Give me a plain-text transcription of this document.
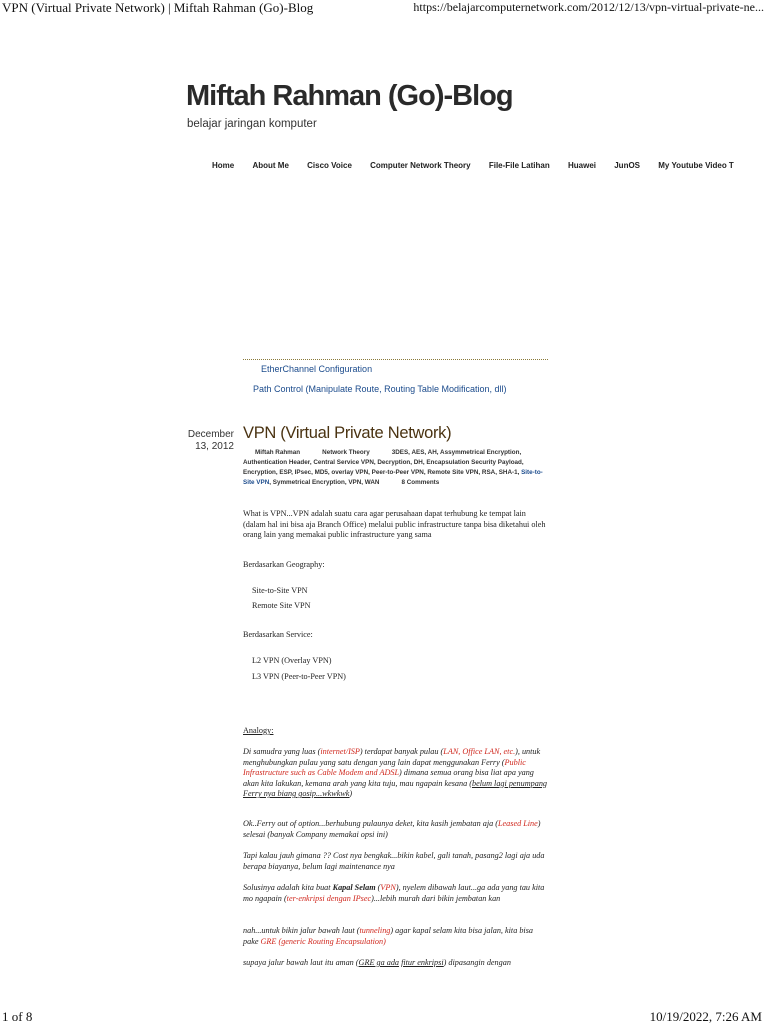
VPN (Virtual Private Network) | Miftah Rahman (Go)-Blog	https://belajarcomputernetwork.com/2012/12/13/vpn-virtual-private-ne...
Miftah Rahman (Go)-Blog
belajar jaringan komputer
Home About Me Cisco Voice Computer Network Theory File-File Latihan Huawei JunOS My Youtube Video T
EtherChannel Configuration
Path Control (Manipulate Route, Routing Table Modification, dll)
December
13, 2012
VPN (Virtual Private Network)
Miftah Rahman	Network Theory	3DES, AES, AH, Assymmetrical Encryption, Authentication Header, Central Service VPN, Decryption, DH, Encapsulation Security Payload, Encryption, ESP, IPsec, MD5, overlay VPN, Peer-to-Peer VPN, Remote Site VPN, RSA, SHA-1, Site-to-Site VPN, Symmetrical Encryption, VPN, WAN	8 Comments
What is VPN...VPN adalah suatu cara agar perusahaan dapat terhubung ke tempat lain (dalam hal ini bisa aja Branch Office) melalui public infrastructure tanpa bisa diketahui oleh orang lain yang memakai public infrastructure yang sama
Berdasarkan Geography:
Site-to-Site VPN
Remote Site VPN
Berdasarkan Service:
L2 VPN (Overlay VPN)
L3 VPN (Peer-to-Peer VPN)
Analogy:
Di samudra yang luas (internet/ISP) terdapat banyak pulau (LAN, Office LAN, etc.), untuk menghubungkan pulau yang satu dengan yang lain dapat menggunakan Ferry (Public Infrastructure such as Cable Modem and ADSL) dimana semua orang bisa liat apa yang akan kita lakukan, kemana arah yang kita tuju, mau ngapain kesana (belum lagi penumpang Ferry nya biang gosip...wkwkwk)
Ok..Ferry out of option...berhubung pulaunya deket, kita kasih jembatan aja (Leased Line) selesai (banyak Company memakai opsi ini)
Tapi kalau jauh gimana ?? Cost nya bengkak...bikin kabel, gali tanah, pasang2 lagi aja uda berapa biayanya, belum lagi maintenance nya
Solusinya adalah kita buat Kapal Selam (VPN), nyelem dibawah laut...ga ada yang tau kita mo ngapain (ter-enkripsi dengan IPsec)...lebih murah dari bikin jembatan kan
nah...untuk bikin jalur bawah laut (tunneling) agar kapal selam kita bisa jalan, kita bisa pake GRE (generic Routing Encapsulation)
supaya jalur bawah laut itu aman (GRE ga ada fitur enkripsi) dipasangin dengan
1 of 8	10/19/2022, 7:26 AM
